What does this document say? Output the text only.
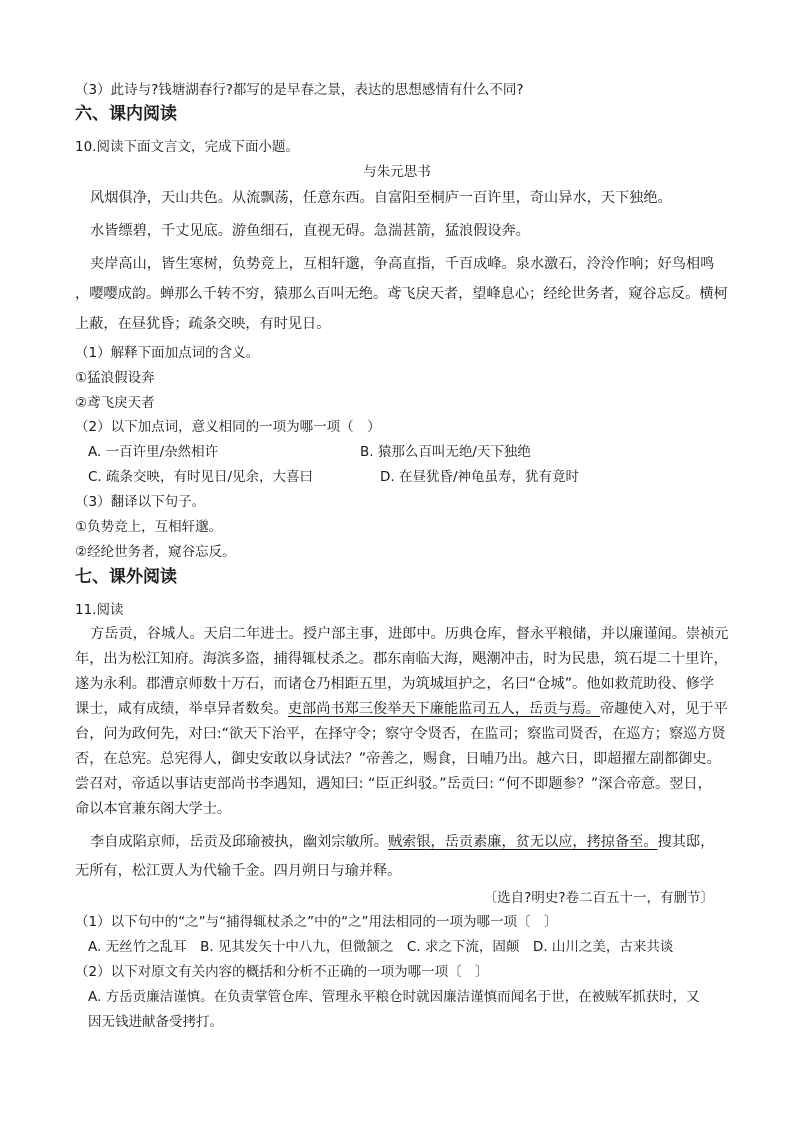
（3）此诗与?钱塘湖春行?都写的是早春之景，表达的思想感情有什么不同?
六、课内阅读
10.阅读下面文言文，完成下面小题。
与朱元思书
风烟俱净，天山共色。从流飘荡，任意东西。自富阳至桐庐一百许里，奇山异水，天下独绝。
水皆缥碧，千丈见底。游鱼细石，直视无碍。急湍甚箭，猛浪假设奔。
夹岸高山，皆生寒树，负势竞上，互相轩邈，争高直指，千百成峰。泉水激石，泠泠作响；好鸟相鸣
，嘤嘤成韵。蝉那么千转不穷，猿那么百叫无绝。鸢飞戾天者，望峰息心；经纶世务者，窥谷忘反。横柯
上蔽，在昼犹昏；疏条交映，有时见日。
（1）解释下面加点词的含义。
①猛浪假设奔
②鸢飞戾天者
（2）以下加点词，意义相同的一项为哪一项（　）
A. 一百许里/杂然相许	B. 猿那么百叫无绝/天下独绝
C. 疏条交映，有时见日/见余，大喜曰	D. 在昼犹昏/神龟虽寿，犹有竟时
（3）翻译以下句子。
①负势竞上，互相轩邈。
②经纶世务者，窥谷忘反。
七、课外阅读
11.阅读
方岳贡，谷城人。天启二年进士。授户部主事，进郎中。历典仓库，督永平粮储，并以廉谨闻。崇祯元
年，出为松江知府。海滨多盗，捕得辄杖杀之。郡东南临大海，飓潮冲击，时为民患，筑石堤二十里许，
遂为永利。郡漕京师数十万石，而诸仓乃相距五里，为筑城垣护之，名曰“仓城”。他如救荒助役、修学
课士，咸有成绩，举卓异者数矣。吏部尚书郑三俊举天下廉能监司五人，岳贡与焉。帝趣使入对，见于平
台，问为政何先，对曰:“欲天下治平，在择守令；察守令贤否，在监司；察监司贤否，在巡方；察巡方贤
否，在总宪。总宪得人，御史安敢以身试法？”帝善之，赐食，日晡乃出。越六日，即超擢左副都御史。
尝召对，帝适以事诘吏部尚书李遇知，遇知曰: “臣正纠驳。”岳贡曰: “何不即题参？”深合帝意。翌日，
命以本官兼东阁大学士。
李自成陷京师，岳贡及邱瑜被执，幽刘宗敏所。贼索银，岳贡素廉，贫无以应，拷掠备至。搜其邸，
无所有，松江贾人为代输千金。四月朔日与瑜并释。
〔选自?明史?卷二百五十一，有删节〕
（1）以下句中的“之”与“捕得辄杖杀之”中的“之”用法相同的一项为哪一项〔　〕
A. 无丝竹之乱耳　B. 见其发矢十中八九，但微颔之　C. 求之下流，固颠　D. 山川之美，古来共谈
（2）以下对原文有关内容的概括和分析不正确的一项为哪一项〔　〕
A. 方岳贡廉洁谨慎。在负责掌管仓库、管理永平粮仓时就因廉洁谨慎而闻名于世，在被贼军抓获时，又
因无钱进献备受拷打。
